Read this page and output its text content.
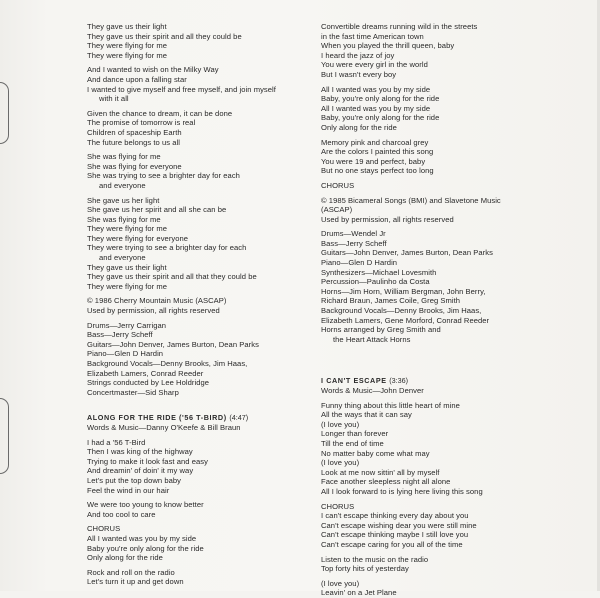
They gave us their light
They gave us their spirit and all they could be
They were flying for me
They were flying for me
And I wanted to wish on the Milky Way
And dance upon a falling star
I wanted to give myself and free myself, and join myself
with it all
Given the chance to dream, it can be done
The promise of tomorrow is real
Children of spaceship Earth
The future belongs to us all
She was flying for me
She was flying for everyone
She was trying to see a brighter day for each
and everyone
She gave us her light
She gave us her spirit and all she can be
She was flying for me
They were flying for me
They were flying for everyone
They were trying to see a brighter day for each
and everyone
They gave us their light
They gave us their spirit and all that they could be
They were flying for me
© 1986 Cherry Mountain Music (ASCAP)
Used by permission, all rights reserved
Drums—Jerry Carrigan
Bass—Jerry Scheff
Guitars—John Denver, James Burton, Dean Parks
Piano—Glen D Hardin
Background Vocals—Denny Brooks, Jim Haas,
Elizabeth Lamers, Conrad Reeder
Strings conducted by Lee Holdridge
Concertmaster—Sid Sharp
ALONG FOR THE RIDE ('56 T-BIRD) (4:47)
Words & Music—Danny O'Keefe & Bill Braun
I had a '56 T-Bird
Then I was king of the highway
Trying to make it look fast and easy
And dreamin' of doin' it my way
Let's put the top down baby
Feel the wind in our hair
We were too young to know better
And too cool to care
CHORUS
All I wanted was you by my side
Baby you're only along for the ride
Only along for the ride
Rock and roll on the radio
Let's turn it up and get down
Convertible dreams running wild in the streets
in the fast time American town
When you played the thrill queen, baby
I heard the jazz of joy
You were every girl in the world
But I wasn't every boy
All I wanted was you by my side
Baby, you're only along for the ride
All I wanted was you by my side
Baby, you're only along for the ride
Only along for the ride
Memory pink and charcoal grey
Are the colors I painted this song
You were 19 and perfect, baby
But no one stays perfect too long
CHORUS
© 1985 Bicameral Songs (BMI) and Slavetone Music
(ASCAP)
Used by permission, all rights reserved
Drums—Wendel Jr
Bass—Jerry Scheff
Guitars—John Denver, James Burton, Dean Parks
Piano—Glen D Hardin
Synthesizers—Michael Lovesmith
Percussion—Paulinho da Costa
Horns—Jim Horn, William Bergman, John Berry,
Richard Braun, James Coile, Greg Smith
Background Vocals—Denny Brooks, Jim Haas,
Elizabeth Lamers, Gene Morford, Conrad Reeder
Horns arranged by Greg Smith and
the Heart Attack Horns
I CAN'T ESCAPE (3:36)
Words & Music—John Denver
Funny thing about this little heart of mine
All the ways that it can say
(I love you)
Longer than forever
Till the end of time
No matter baby come what may
(I love you)
Look at me now sittin' all by myself
Face another sleepless night all alone
All I look forward to is lying here living this song
CHORUS
I can't escape thinking every day about you
Can't escape wishing dear you were still mine
Can't escape thinking maybe I still love you
Can't escape caring for you all of the time
Listen to the music on the radio
Top forty hits of yesterday
(I love you)
Leavin' on a Jet Plane
